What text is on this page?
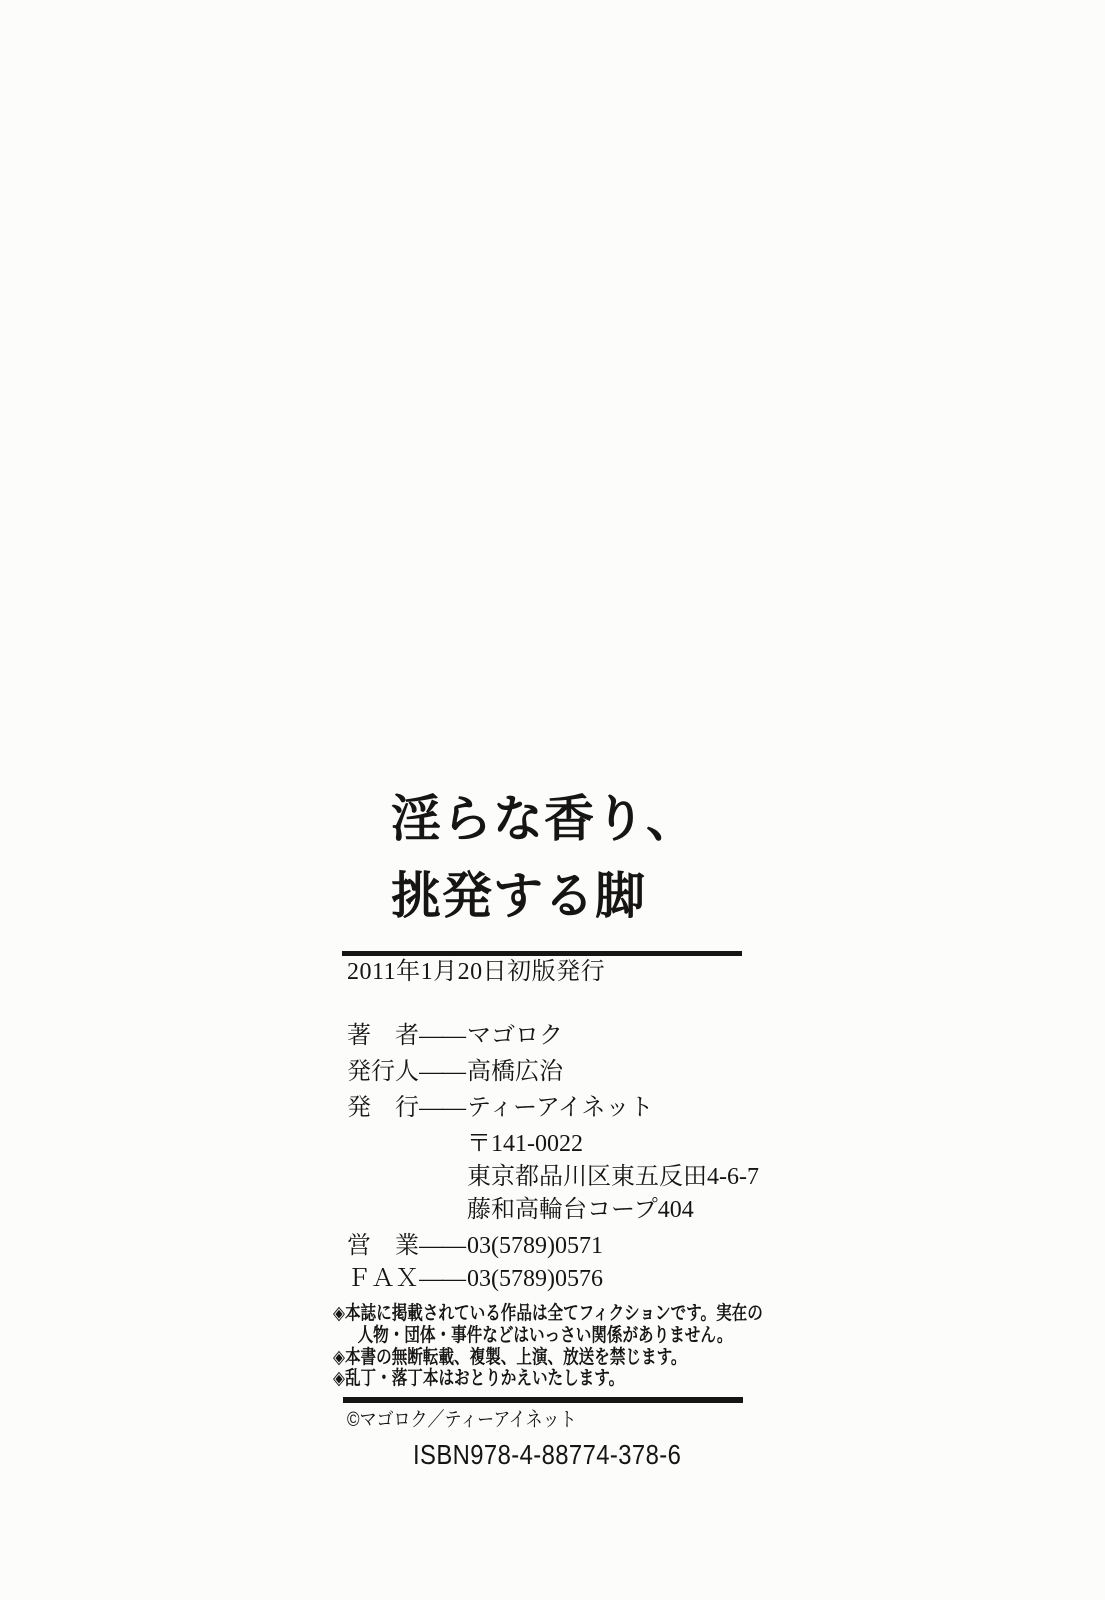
淫らな香り、
挑発する脚
2011年1月20日初版発行
著　者——マゴロク
発行人——高橋広治
発　行——ティーアイネット
〒141-0022
東京都品川区東五反田4-6-7
藤和高輪台コープ404
営　業——03(5789)0571
ＦＡＸ——03(5789)0576
◈本誌に掲載されている作品は全てフィクションです。実在の
人物・団体・事件などはいっさい関係がありません。
◈本書の無断転載、複製、上演、放送を禁じます。
◈乱丁・落丁本はおとりかえいたします。
©マゴロク／ティーアイネット
ISBN978-4-88774-378-6
